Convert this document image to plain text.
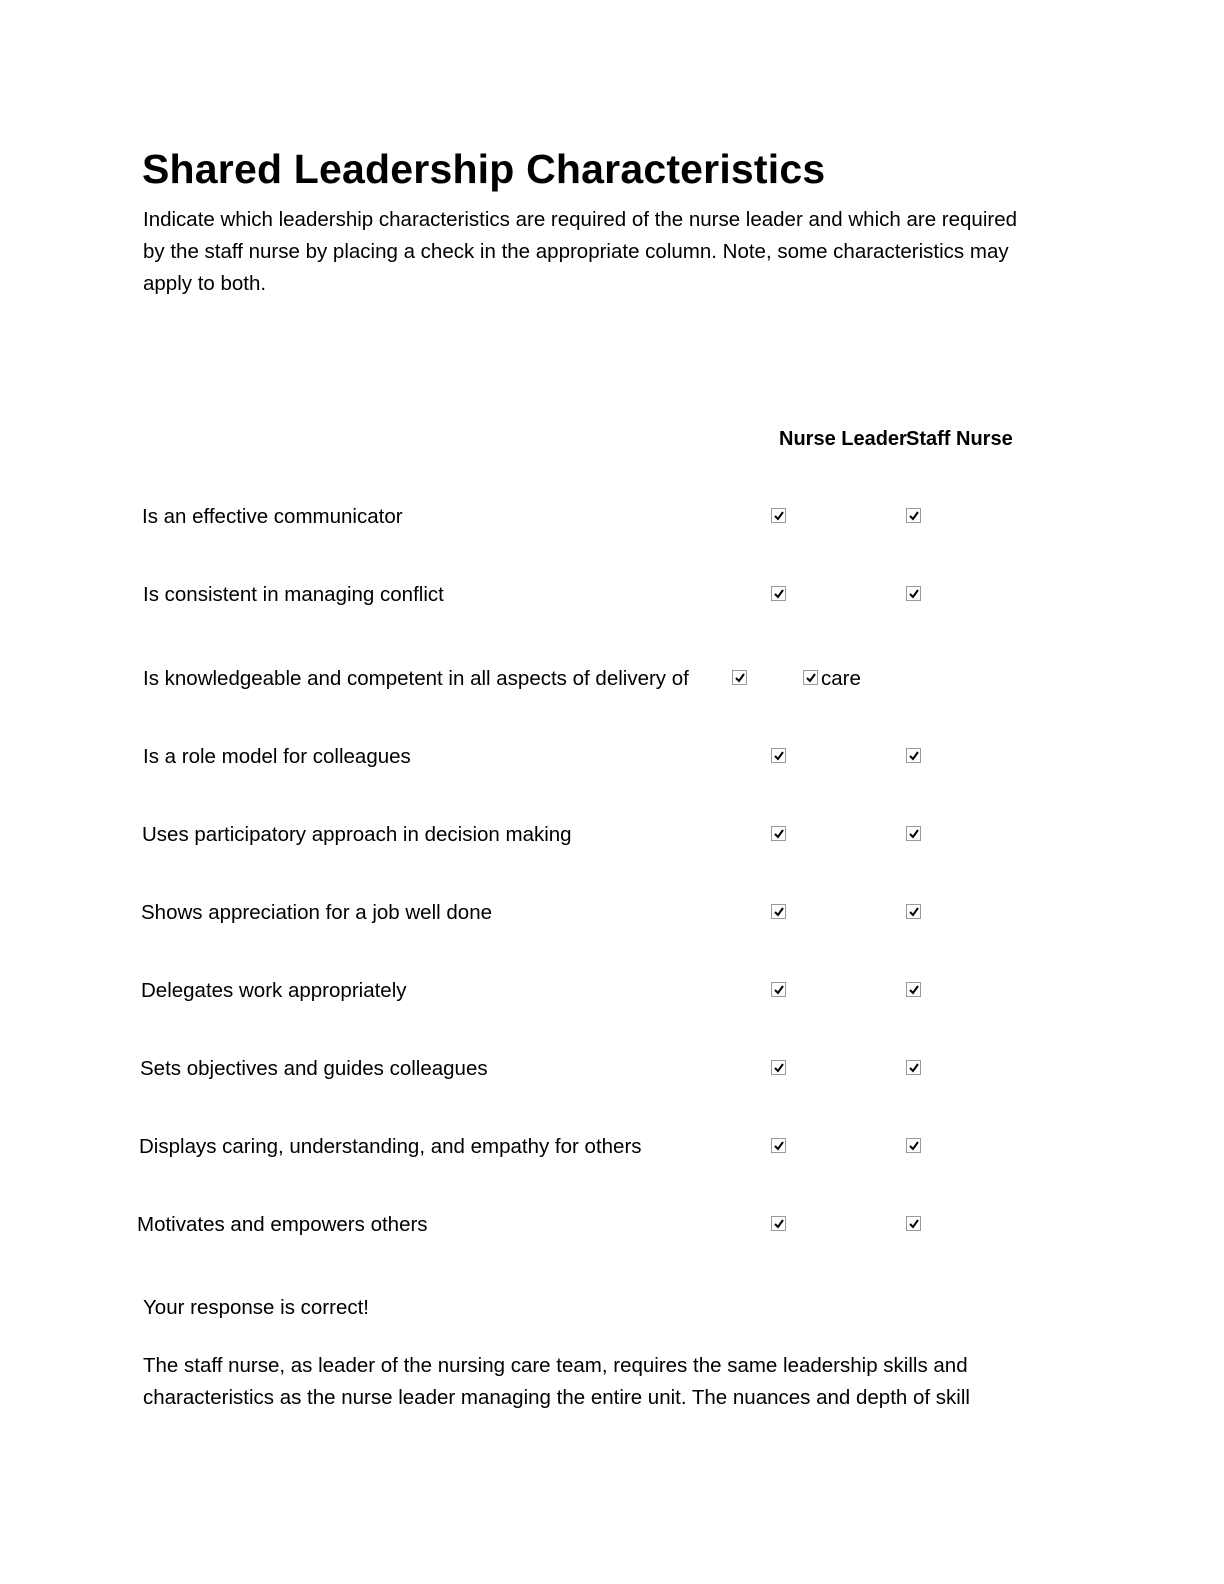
Shared Leadership Characteristics
Indicate which leadership characteristics are required of the nurse leader and which are required by the staff nurse by placing a check in the appropriate column. Note, some characteristics may apply to both.
Nurse Leader Staff Nurse
Is an effective communicator
Is consistent in managing conflict
Is knowledgeable and competent in all aspects of delivery of	care
Is a role model for colleagues
Uses participatory approach in decision making
Shows appreciation for a job well done
Delegates work appropriately
Sets objectives and guides colleagues
Displays caring, understanding, and empathy for others
Motivates and empowers others
Your response is correct!
The staff nurse, as leader of the nursing care team, requires the same leadership skills and characteristics as the nurse leader managing the entire unit. The nuances and depth of skill
